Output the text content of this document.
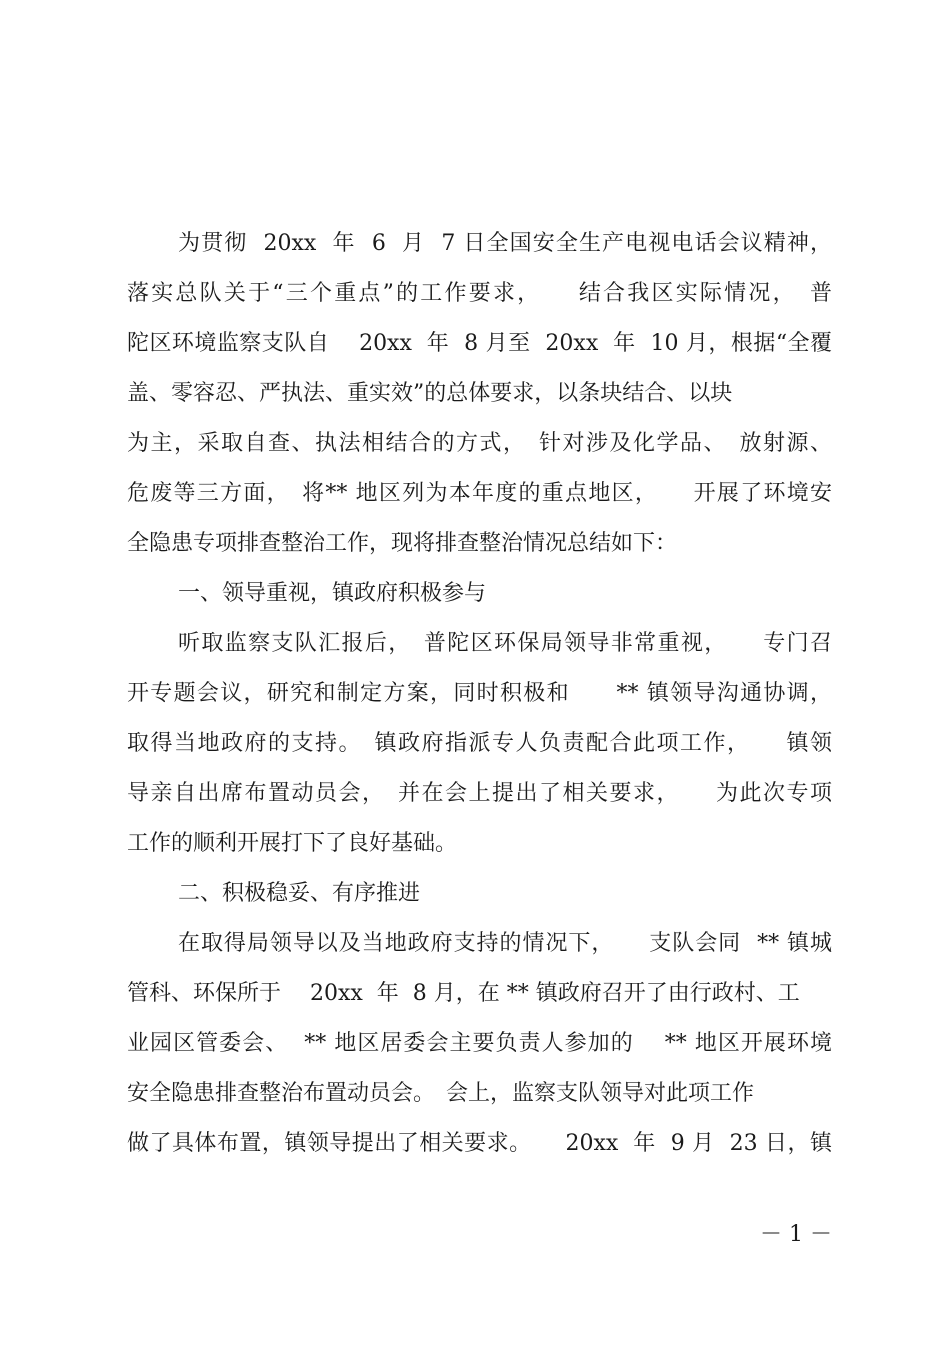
为贯彻  20xx  年  6  月  7 日全国安全生产电视电话会议精神，
落实总队关于“三个重点”的工作要求，　　结合我区实际情况，　普
陀区环境监察支队自　 20xx  年  8 月至  20xx  年  10 月，根据“全覆
盖、零容忍、严执法、重实效”的总体要求，以条块结合、以块
为主，采取自查、执法相结合的方式，　针对涉及化学品、　放射源、
危废等三方面，　将** 地区列为本年度的重点地区，　　开展了环境安
全隐患专项排查整治工作，现将排查整治情况总结如下：
一、领导重视，镇政府积极参与
听取监察支队汇报后，　普陀区环保局领导非常重视，　　专门召
开专题会议，研究和制定方案，同时积极和　　** 镇领导沟通协调，
取得当地政府的支持。　镇政府指派专人负责配合此项工作，　　镇领
导亲自出席布置动员会，　并在会上提出了相关要求，　　为此次专项
工作的顺利开展打下了良好基础。
二、积极稳妥、有序推进
在取得局领导以及当地政府支持的情况下，　　支队会同  ** 镇城
管科、环保所于　 20xx  年  8 月，在 ** 镇政府召开了由行政村、工
业园区管委会、  ** 地区居委会主要负责人参加的　 ** 地区开展环境
安全隐患排查整治布置动员会。　会上，监察支队领导对此项工作
做了具体布置，镇领导提出了相关要求。　　20xx  年  9 月  23 日，镇
－ 1 －
